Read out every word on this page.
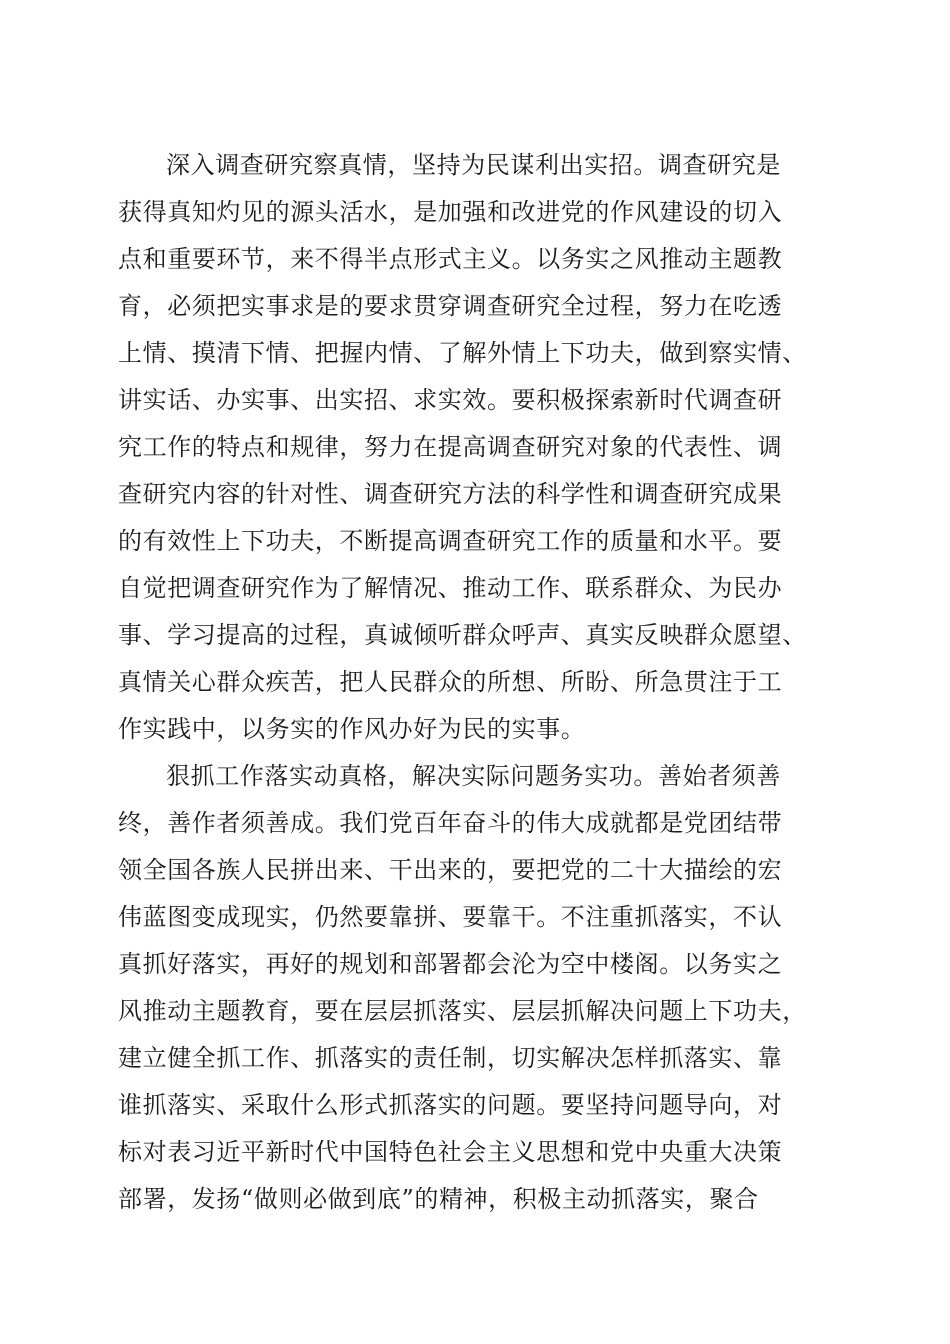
深入调查研究察真情，坚持为民谋利出实招。调查研究是
获得真知灼见的源头活水，是加强和改进党的作风建设的切入
点和重要环节，来不得半点形式主义。以务实之风推动主题教
育，必须把实事求是的要求贯穿调查研究全过程，努力在吃透
上情、摸清下情、把握内情、了解外情上下功夫，做到察实情、
讲实话、办实事、出实招、求实效。要积极探索新时代调查研
究工作的特点和规律，努力在提高调查研究对象的代表性、调
查研究内容的针对性、调查研究方法的科学性和调查研究成果
的有效性上下功夫，不断提高调查研究工作的质量和水平。要
自觉把调查研究作为了解情况、推动工作、联系群众、为民办
事、学习提高的过程，真诚倾听群众呼声、真实反映群众愿望、
真情关心群众疾苦，把人民群众的所想、所盼、所急贯注于工
作实践中，以务实的作风办好为民的实事。
狠抓工作落实动真格，解决实际问题务实功。善始者须善
终，善作者须善成。我们党百年奋斗的伟大成就都是党团结带
领全国各族人民拼出来、干出来的，要把党的二十大描绘的宏
伟蓝图变成现实，仍然要靠拼、要靠干。不注重抓落实，不认
真抓好落实，再好的规划和部署都会沦为空中楼阁。以务实之
风推动主题教育，要在层层抓落实、层层抓解决问题上下功夫，
建立健全抓工作、抓落实的责任制，切实解决怎样抓落实、靠
谁抓落实、采取什么形式抓落实的问题。要坚持问题导向，对
标对表习近平新时代中国特色社会主义思想和党中央重大决策
部署，发扬“做则必做到底”的精神，积极主动抓落实，聚合
